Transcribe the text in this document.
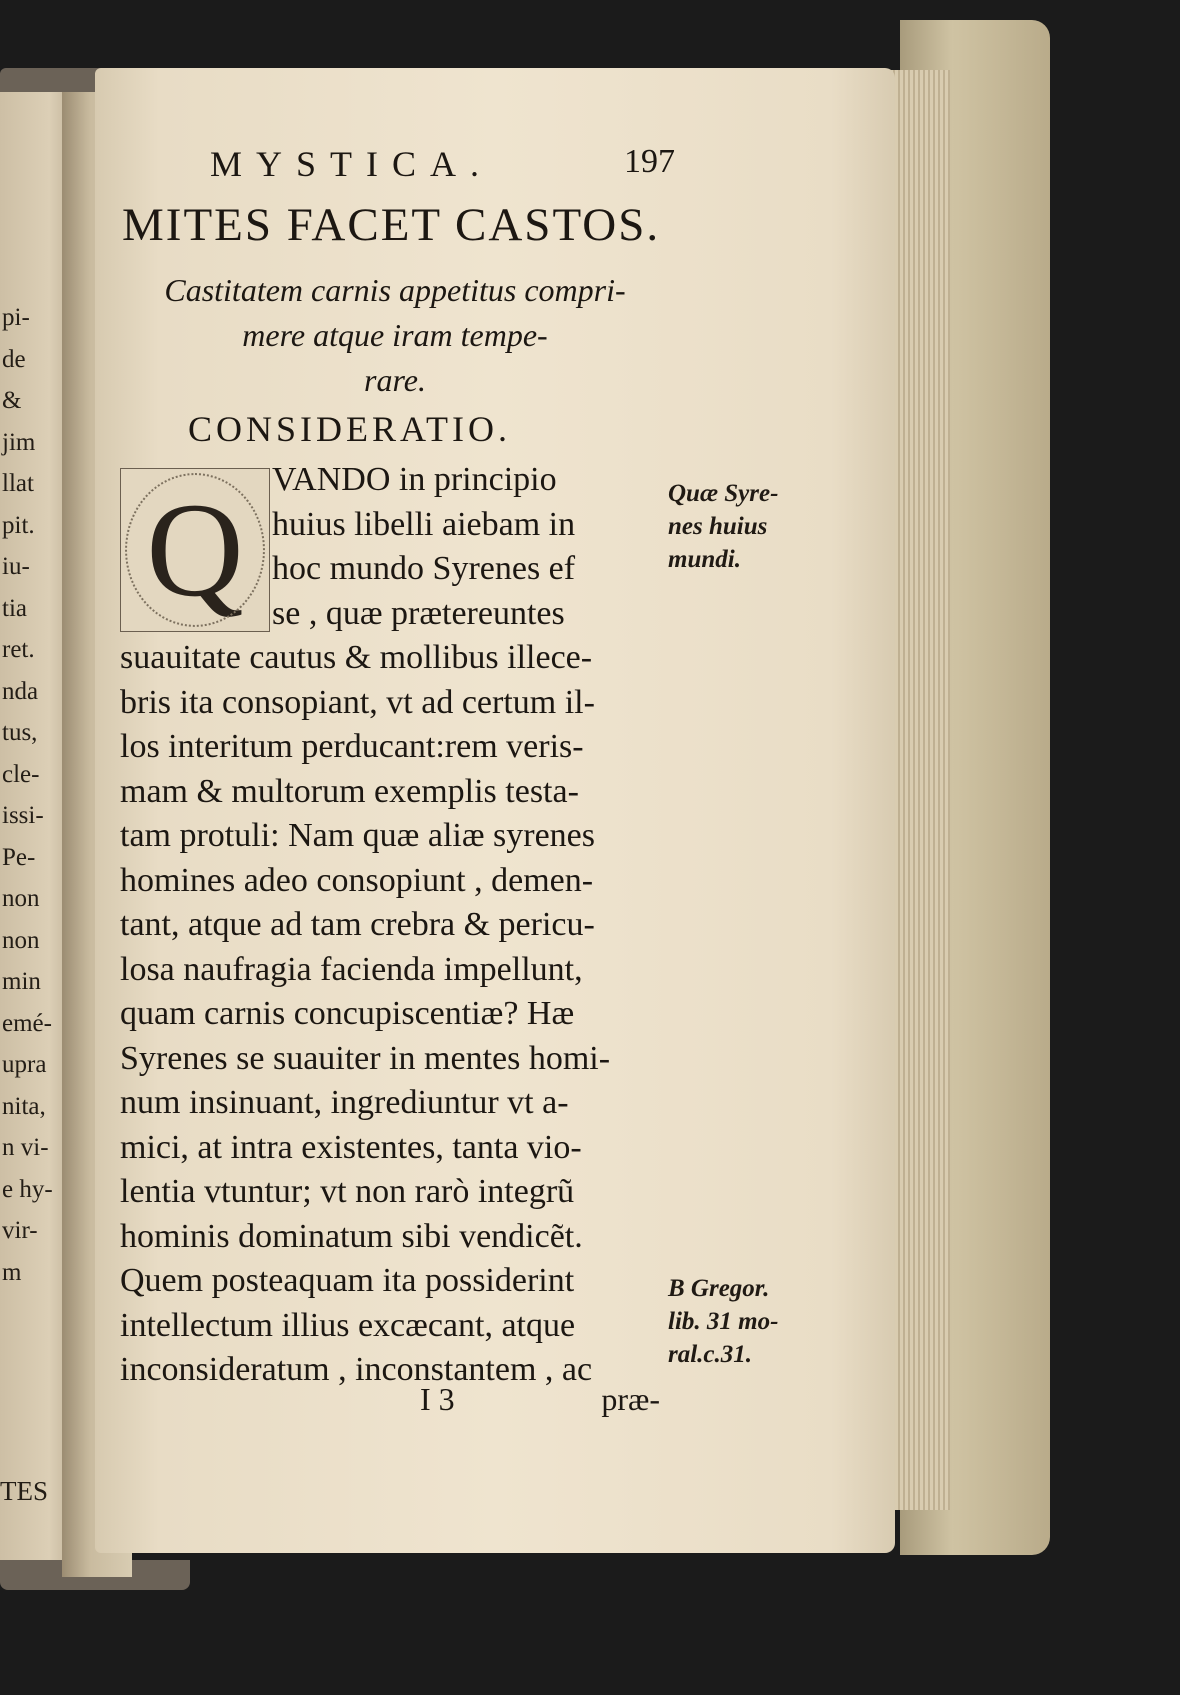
pi-
de
&
jim
llat
pit.
iu-
tia
ret.
nda
tus,
cle-
issi-
Pe-
non
non
min
emé-
upra
nita,
n vi-
e hy-
vir-
m
TES
MYSTICA.	197
MITES FACET CASTOS.
Castitatem carnis appetitus compri-
mere atque iram tempe-
rare.
CONSIDERATIO.
Q VANDO in principio
huius libelli aiebam in
hoc mundo Syrenes ef
se , quæ prætereuntes
suauitate cautus & mollibus illece-
bris ita consopiant, vt ad certum il-
los interitum perducant:rem veris-
mam & multorum exemplis testa-
tam protuli: Nam quæ aliæ syrenes
homines adeo consopiunt , demen-
tant, atque ad tam crebra & pericu-
losa naufragia facienda impellunt,
quam carnis concupiscentiæ? Hæ
Syrenes se suauiter in mentes homi-
num insinuant, ingrediuntur vt a-
mici, at intra existentes, tanta vio-
lentia vtuntur; vt non rarò integrũ
hominis dominatum sibi vendicẽt.
Quem posteaquam ita possiderint
intellectum illius excæcant, atque
inconsideratum , inconstantem , ac
Quæ Syre-
nes huius
mundi.
B Gregor.
lib. 31 mo-
ral.c.31.
I 3	præ-
